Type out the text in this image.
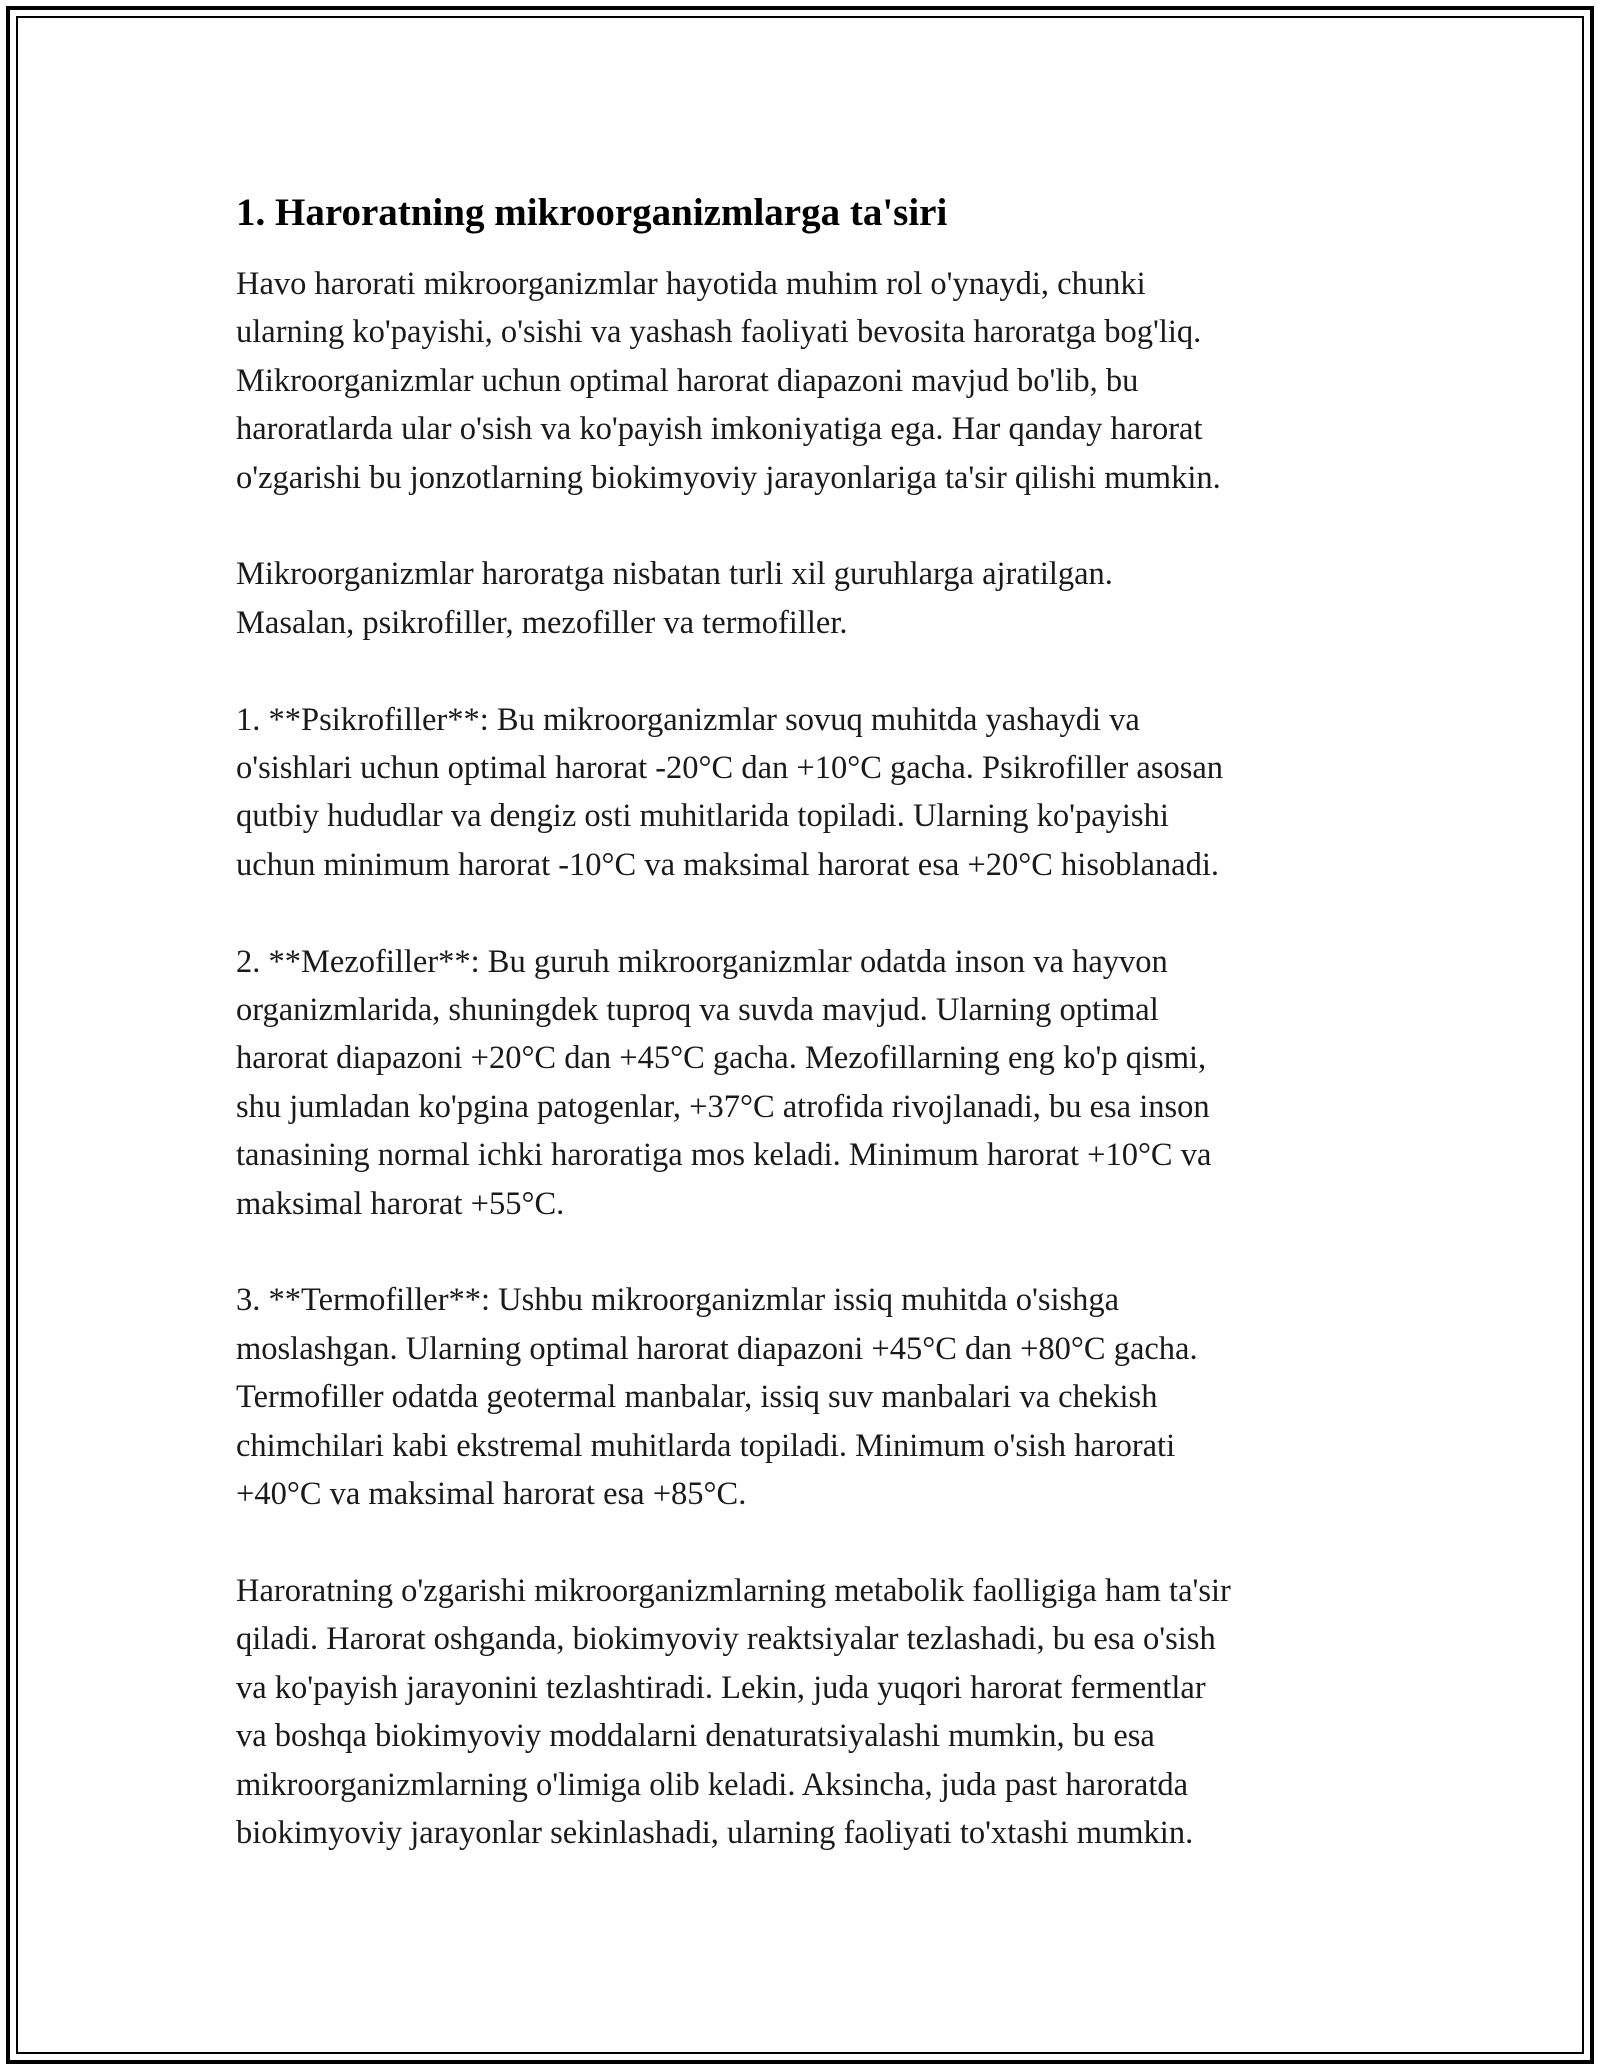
1. Haroratning mikroorganizmlarga ta'siri

Havo harorati mikroorganizmlar hayotida muhim rol o'ynaydi, chunki
ularning ko'payishi, o'sishi va yashash faoliyati bevosita haroratga bog'liq.
Mikroorganizmlar uchun optimal harorat diapazoni mavjud bo'lib, bu
haroratlarda ular o'sish va ko'payish imkoniyatiga ega. Har qanday harorat
o'zgarishi bu jonzotlarning biokimyoviy jarayonlariga ta'sir qilishi mumkin.

Mikroorganizmlar haroratga nisbatan turli xil guruhlarga ajratilgan.
Masalan, psikrofiller, mezofiller va termofiller.

1. **Psikrofiller**: Bu mikroorganizmlar sovuq muhitda yashaydi va
o'sishlari uchun optimal harorat -20°C dan +10°C gacha. Psikrofiller asosan
qutbiy hududlar va dengiz osti muhitlarida topiladi. Ularning ko'payishi
uchun minimum harorat -10°C va maksimal harorat esa +20°C hisoblanadi.

2. **Mezofiller**: Bu guruh mikroorganizmlar odatda inson va hayvon
organizmlarida, shuningdek tuproq va suvda mavjud. Ularning optimal
harorat diapazoni +20°C dan +45°C gacha. Mezofillarning eng ko'p qismi,
shu jumladan ko'pgina patogenlar, +37°C atrofida rivojlanadi, bu esa inson
tanasining normal ichki haroratiga mos keladi. Minimum harorat +10°C va
maksimal harorat +55°C.

3. **Termofiller**: Ushbu mikroorganizmlar issiq muhitda o'sishga
moslashgan. Ularning optimal harorat diapazoni +45°C dan +80°C gacha.
Termofiller odatda geotermal manbalar, issiq suv manbalari va chekish
chimchilari kabi ekstremal muhitlarda topiladi. Minimum o'sish harorati
+40°C va maksimal harorat esa +85°C.

Haroratning o'zgarishi mikroorganizmlarning metabolik faolligiga ham ta'sir
qiladi. Harorat oshganda, biokimyoviy reaktsiyalar tezlashadi, bu esa o'sish
va ko'payish jarayonini tezlashtiradi. Lekin, juda yuqori harorat fermentlar
va boshqa biokimyoviy moddalarni denaturatsiyalashi mumkin, bu esa
mikroorganizmlarning o'limiga olib keladi. Aksincha, juda past haroratda
biokimyoviy jarayonlar sekinlashadi, ularning faoliyati to'xtashi mumkin.
